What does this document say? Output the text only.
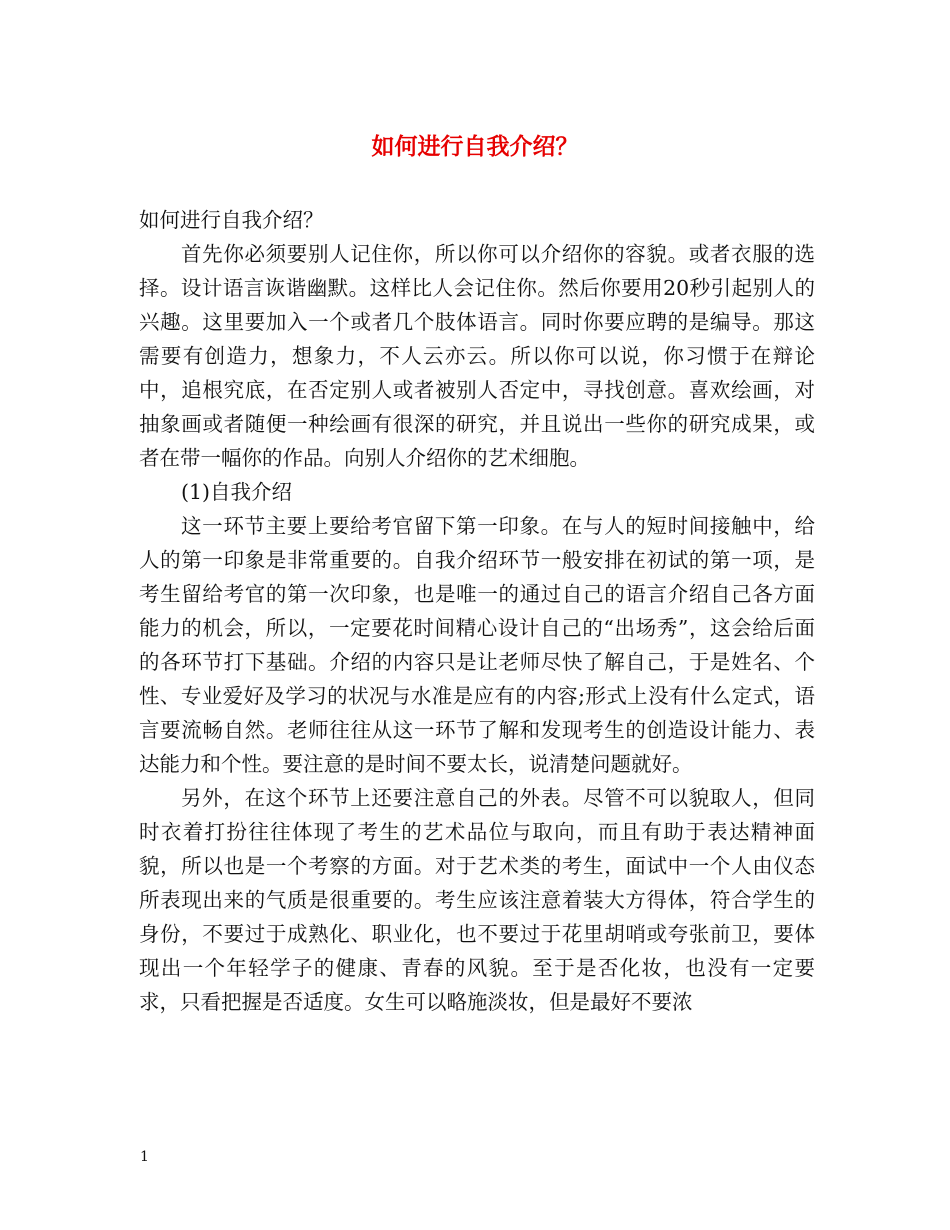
如何进行自我介绍？

如何进行自我介绍？

首先你必须要别人记住你，所以你可以介绍你的容貌。或者衣服的选择。设计语言诙谐幽默。这样比人会记住你。然后你要用20秒引起别人的兴趣。这里要加入一个或者几个肢体语言。同时你要应聘的是编导。那这需要有创造力，想象力，不人云亦云。所以你可以说，你习惯于在辩论中，追根究底，在否定别人或者被别人否定中，寻找创意。喜欢绘画，对抽象画或者随便一种绘画有很深的研究，并且说出一些你的研究成果，或者在带一幅你的作品。向别人介绍你的艺术细胞。

(1)自我介绍

这一环节主要上要给考官留下第一印象。在与人的短时间接触中，给人的第一印象是非常重要的。自我介绍环节一般安排在初试的第一项，是考生留给考官的第一次印象，也是唯一的通过自己的语言介绍自己各方面能力的机会，所以，一定要花时间精心设计自己的“出场秀”，这会给后面的各环节打下基础。介绍的内容只是让老师尽快了解自己，于是姓名、个性、专业爱好及学习的状况与水准是应有的内容;形式上没有什么定式，语言要流畅自然。老师往往从这一环节了解和发现考生的创造设计能力、表达能力和个性。要注意的是时间不要太长，说清楚问题就好。

另外，在这个环节上还要注意自己的外表。尽管不可以貌取人，但同时衣着打扮往往体现了考生的艺术品位与取向，而且有助于表达精神面貌，所以也是一个考察的方面。对于艺术类的考生，面试中一个人由仪态所表现出来的气质是很重要的。考生应该注意着装大方得体，符合学生的身份，不要过于成熟化、职业化，也不要过于花里胡哨或夸张前卫，要体现出一个年轻学子的健康、青春的风貌。至于是否化妆，也没有一定要求，只看把握是否适度。女生可以略施淡妆，但是最好不要浓

1
